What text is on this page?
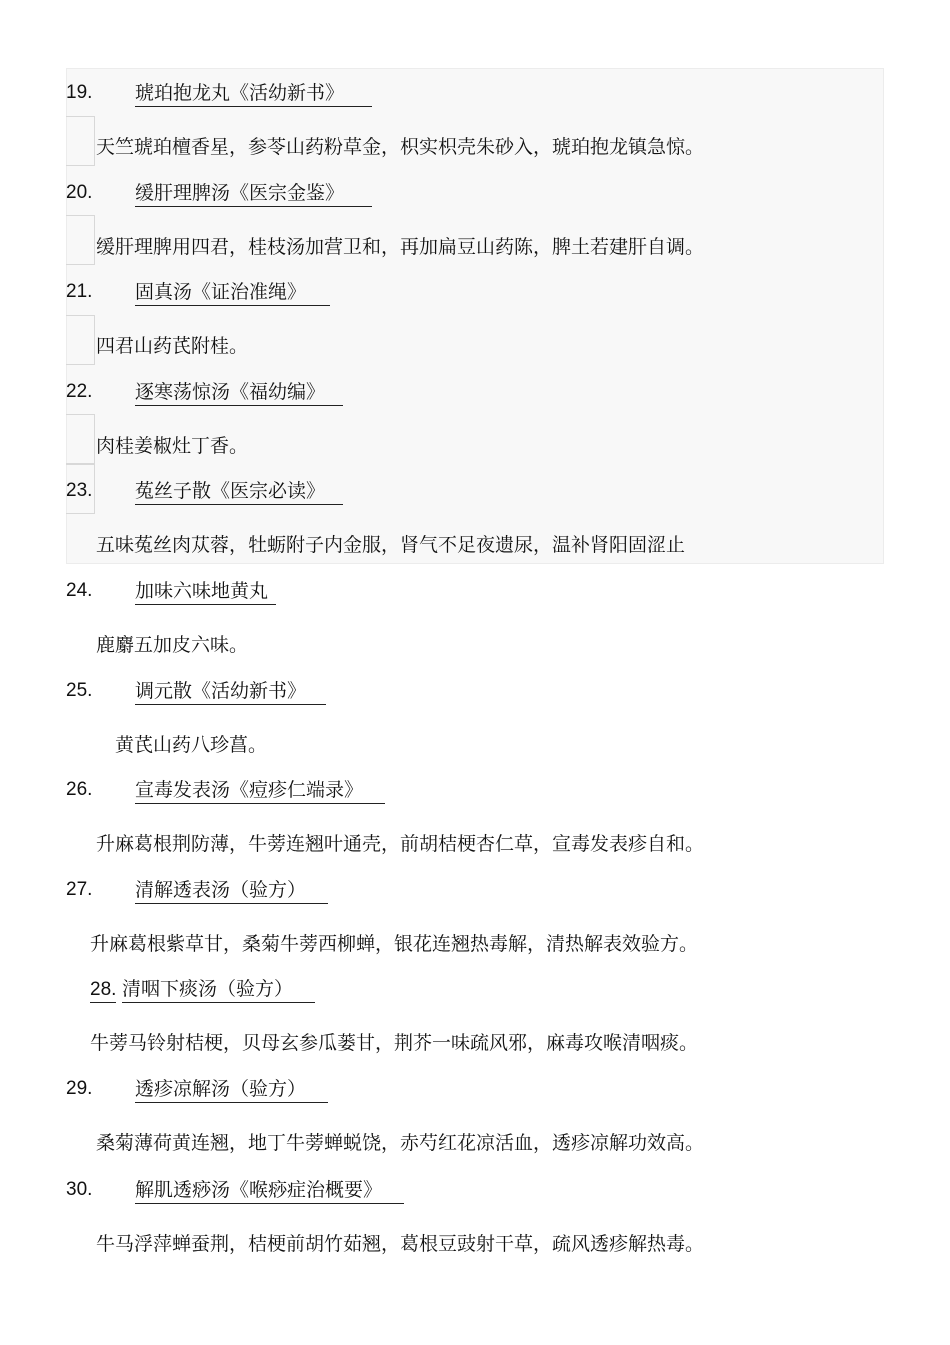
19. 琥珀抱龙丸《活幼新书》
天竺琥珀檀香星，参苓山药粉草金，枳实枳壳朱砂入，琥珀抱龙镇急惊。
20. 缓肝理脾汤《医宗金鉴》
缓肝理脾用四君，桂枝汤加营卫和，再加扁豆山药陈，脾土若建肝自调。
21. 固真汤《证治准绳》
四君山药芪附桂。
22. 逐寒荡惊汤《福幼编》
肉桂姜椒灶丁香。
23. 菟丝子散《医宗必读》
五味菟丝肉苁蓉，牡蛎附子内金服，肾气不足夜遗尿，温补肾阳固涩止
24. 加味六味地黄丸
鹿麝五加皮六味。
25. 调元散《活幼新书》
黄芪山药八珍菖。
26. 宣毒发表汤《痘疹仁端录》
升麻葛根荆防薄，牛蒡连翘叶通壳，前胡桔梗杏仁草，宣毒发表疹自和。
27. 清解透表汤（验方）
升麻葛根紫草甘，桑菊牛蒡西柳蝉，银花连翘热毒解，清热解表效验方。
28. 清咽下痰汤（验方）
牛蒡马铃射桔梗，贝母玄参瓜蒌甘，荆芥一味疏风邪，麻毒攻喉清咽痰。
29. 透疹凉解汤（验方）
桑菊薄荷黄连翘，地丁牛蒡蝉蜕饶，赤芍红花凉活血，透疹凉解功效高。
30. 解肌透痧汤《喉痧症治概要》
牛马浮萍蝉蚕荆，桔梗前胡竹茹翘，葛根豆豉射干草，疏风透疹解热毒。
